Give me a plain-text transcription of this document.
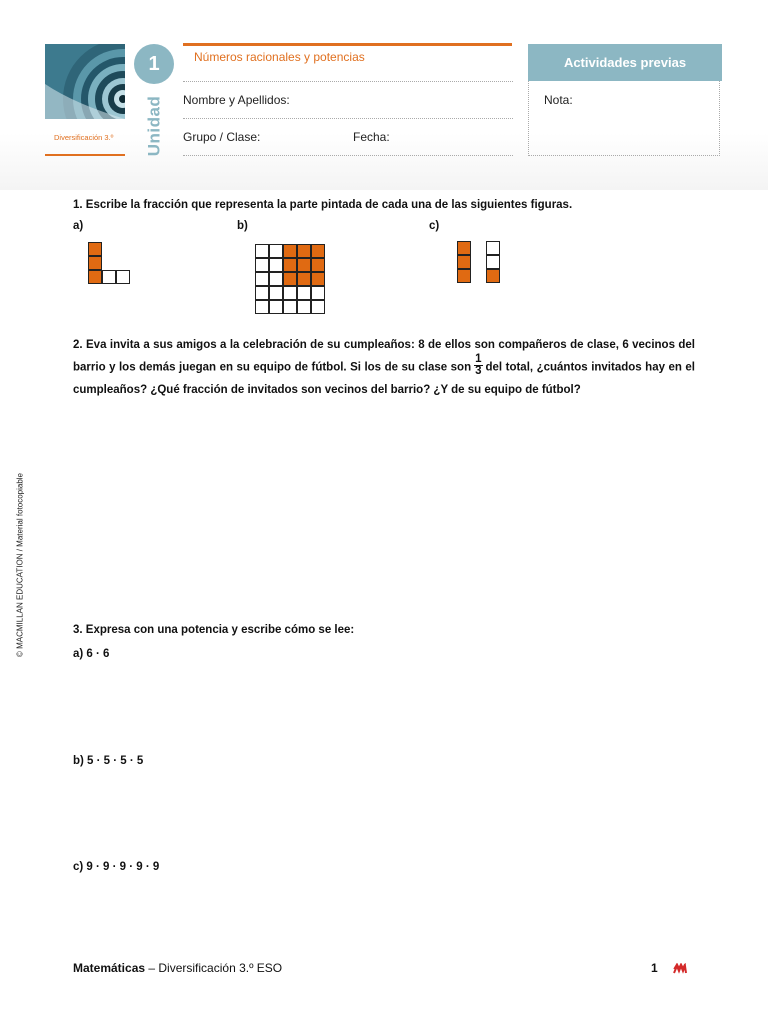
1
Unidad
Diversificación 3.º
Números racionales y potencias
Nombre y Apellidos:
Grupo / Clase:	Fecha:
Actividades previas
Nota:
© MACMILLAN EDUCATION / Material fotocopiable
1. Escribe la fracción que representa la parte pintada de cada una de las siguientes figuras.
a)	b)	c)
2. Eva invita a sus amigos a la celebración de su cumpleaños: 8 de ellos son compañeros de clase, 6 vecinos del barrio y los demás juegan en su equipo de fútbol. Si los de su clase son $\frac{1}{3}$ del total, ¿cuántos invitados hay en el cumpleaños? ¿Qué fracción de invitados son vecinos del barrio? ¿Y de su equipo de fútbol?
3. Expresa con una potencia y escribe cómo se lee:
a) 6 · 6
b) 5 · 5 · 5 · 5
c) 9 · 9 · 9 · 9 · 9
Matemáticas – Diversificación 3.º ESO	1
